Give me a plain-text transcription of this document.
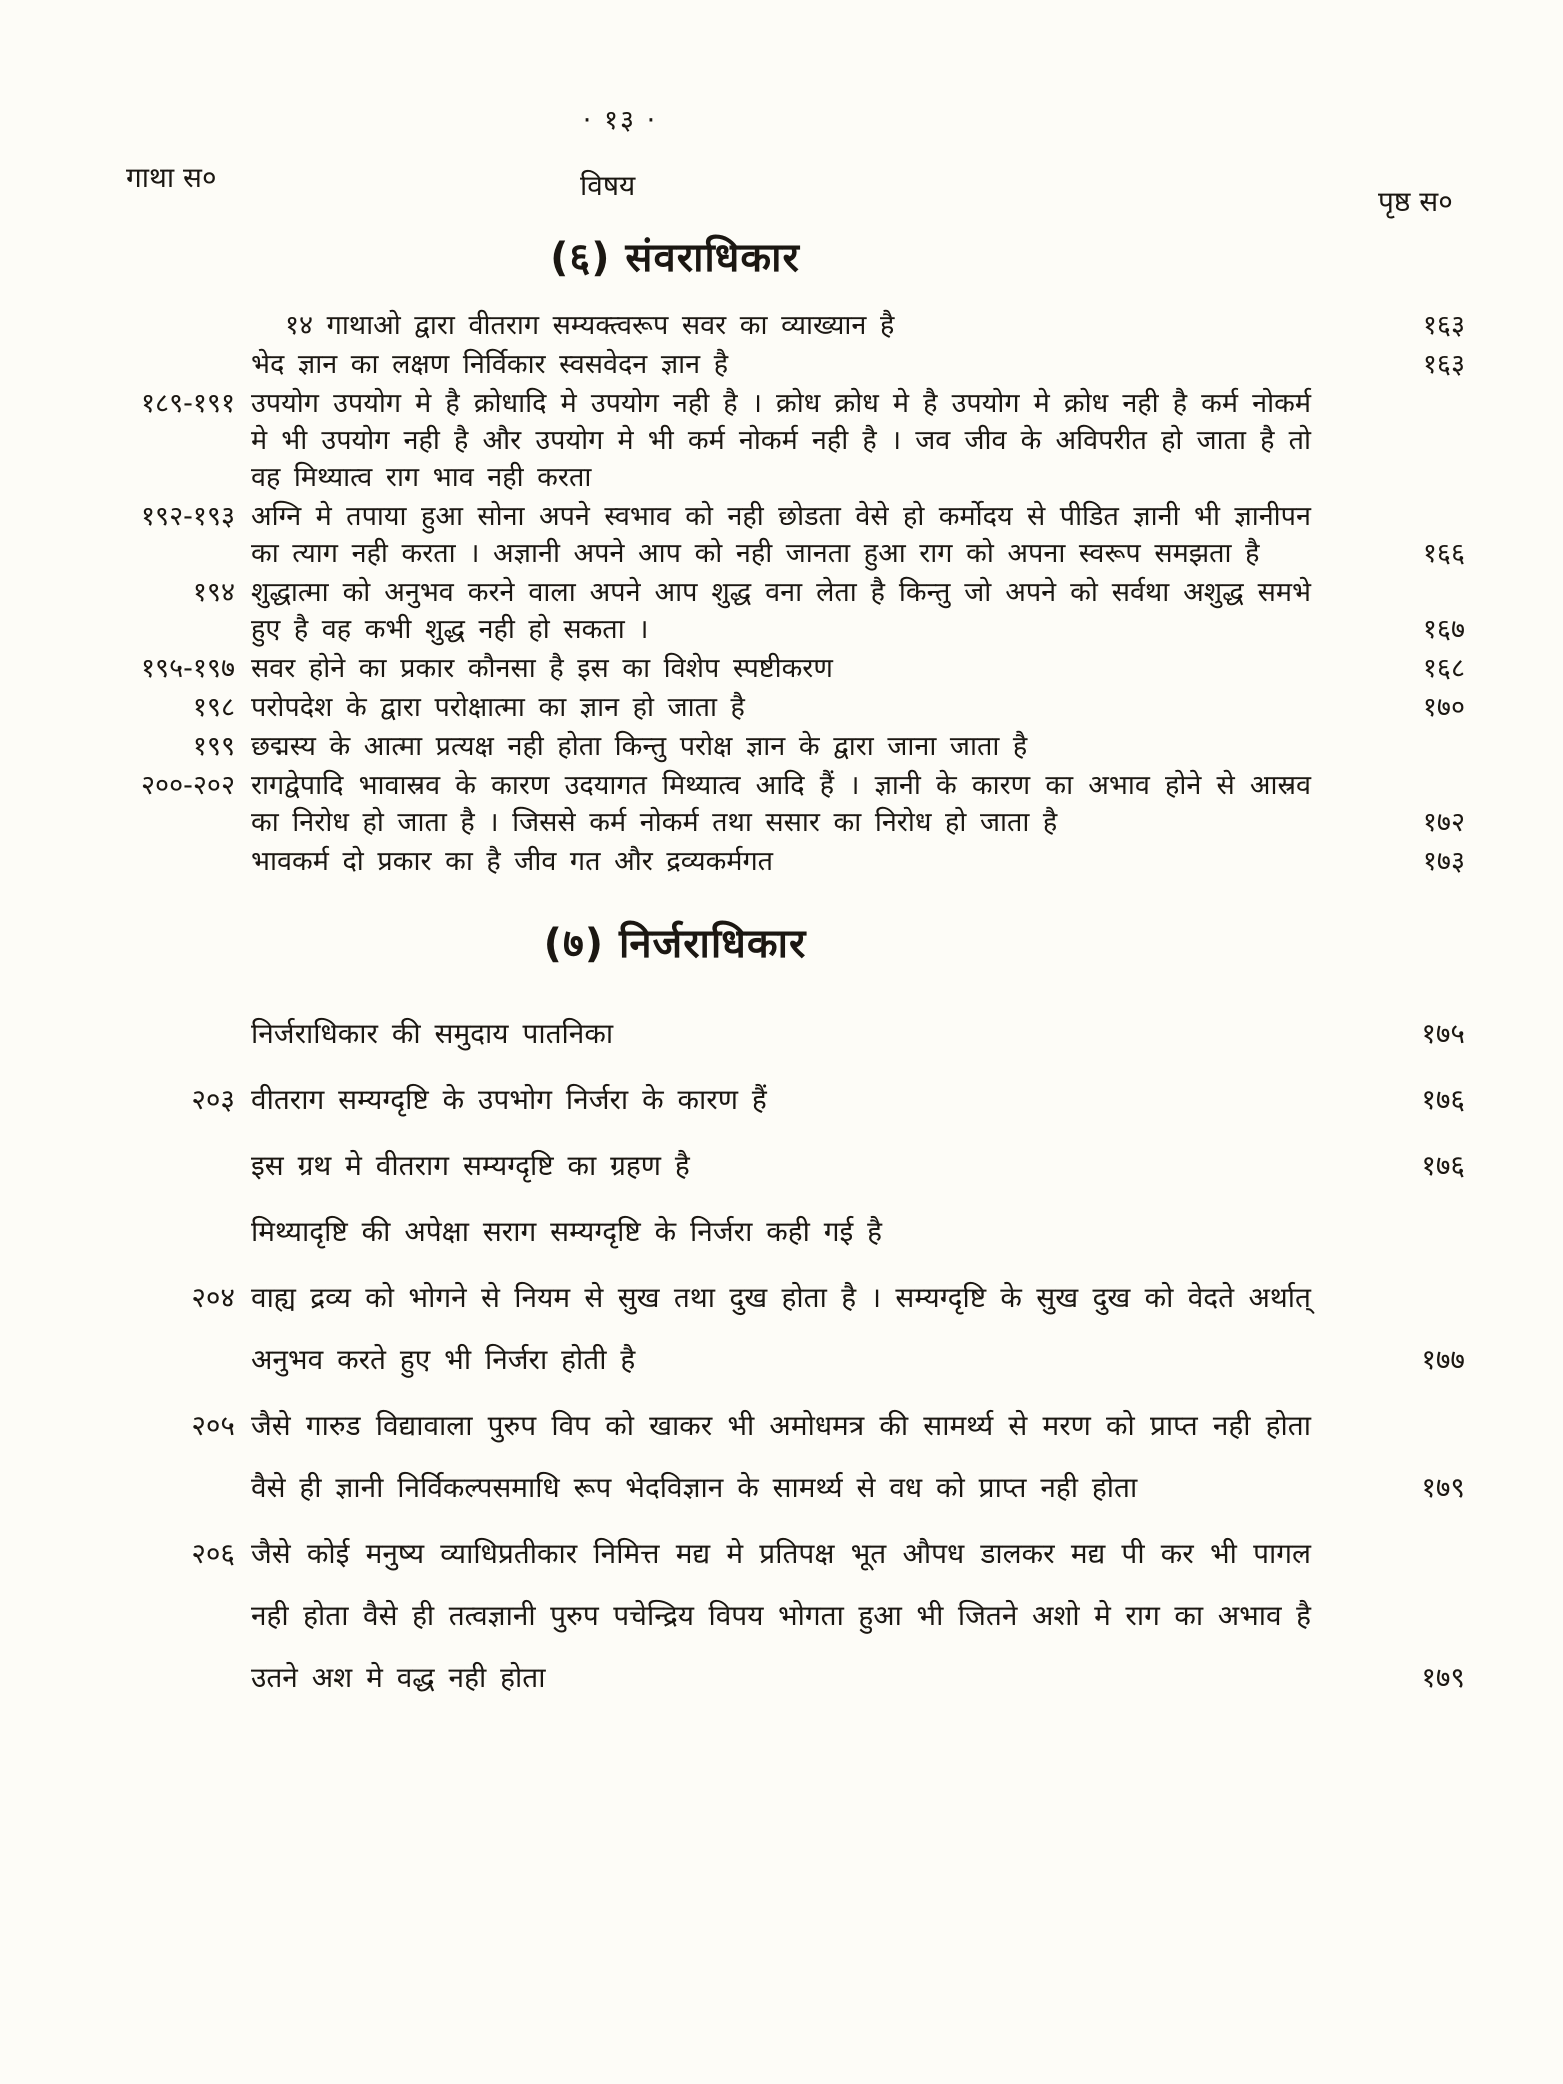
· १३ ·
गाथा स०	विषय	पृष्ठ स०
(६) संवराधिकार
१४ गाथाओ द्वारा वीतराग सम्यक्त्वरूप सवर का व्याख्यान है	१६३
भेद ज्ञान का लक्षण निर्विकार स्वसवेदन ज्ञान है	१६३
१८९-१९१ उपयोग उपयोग मे है क्रोधादि मे उपयोग नही है । क्रोध क्रोध मे है उपयोग मे क्रोध नही है कर्म नोकर्म मे भी उपयोग नही है और उपयोग मे भी कर्म नोकर्म नही है । जव जीव के अविपरीत हो जाता है तो वह मिथ्यात्व राग भाव नही करता
१९२-१९३ अग्नि मे तपाया हुआ सोना अपने स्वभाव को नही छोडता वेसे हो कर्मोदय से पीडित ज्ञानी भी ज्ञानीपन का त्याग नही करता । अज्ञानी अपने आप को नही जानता हुआ राग को अपना स्वरूप समझता है	१६६
१९४ शुद्धात्मा को अनुभव करने वाला अपने आप शुद्ध वना लेता है किन्तु जो अपने को सर्वथा अशुद्ध समभे हुए है वह कभी शुद्ध नही हो सकता ।	१६७
१९५-१९७ सवर होने का प्रकार कौनसा है इस का विशेप स्पष्टीकरण	१६८
१९८ परोपदेश के द्वारा परोक्षात्मा का ज्ञान हो जाता है	१७०
१९९ छद्मस्य के आत्मा प्रत्यक्ष नही होता किन्तु परोक्ष ज्ञान के द्वारा जाना जाता है
२००-२०२ रागद्वेपादि भावास्रव के कारण उदयागत मिथ्यात्व आदि हैं । ज्ञानी के कारण का अभाव होने से आस्रव का निरोध हो जाता है । जिससे कर्म नोकर्म तथा ससार का निरोध हो जाता है	१७२
भावकर्म दो प्रकार का है जीव गत और द्रव्यकर्मगत	१७३
(७) निर्जराधिकार
निर्जराधिकार की समुदाय पातनिका	१७५
२०३ वीतराग सम्यग्दृष्टि के उपभोग निर्जरा के कारण हैं	१७६
इस ग्रथ मे वीतराग सम्यग्दृष्टि का ग्रहण है	१७६
मिथ्यादृष्टि की अपेक्षा सराग सम्यग्दृष्टि के निर्जरा कही गई है
२०४ वाह्य द्रव्य को भोगने से नियम से सुख तथा दुख होता है । सम्यग्दृष्टि के सुख दुख को वेदते अर्थात् अनुभव करते हुए भी निर्जरा होती है	१७७
२०५ जैसे गारुड विद्यावाला पुरुप विप को खाकर भी अमोधमत्र की सामर्थ्य से मरण को प्राप्त नही होता वैसे ही ज्ञानी निर्विकल्पसमाधि रूप भेदविज्ञान के सामर्थ्य से वध को प्राप्त नही होता	१७९
२०६ जैसे कोई मनुष्य व्याधिप्रतीकार निमित्त मद्य मे प्रतिपक्ष भूत औपध डालकर मद्य पी कर भी पागल नही होता वैसे ही तत्वज्ञानी पुरुप पचेन्द्रिय विपय भोगता हुआ भी जितने अशो मे राग का अभाव है उतने अश मे वद्ध नही होता	१७९
